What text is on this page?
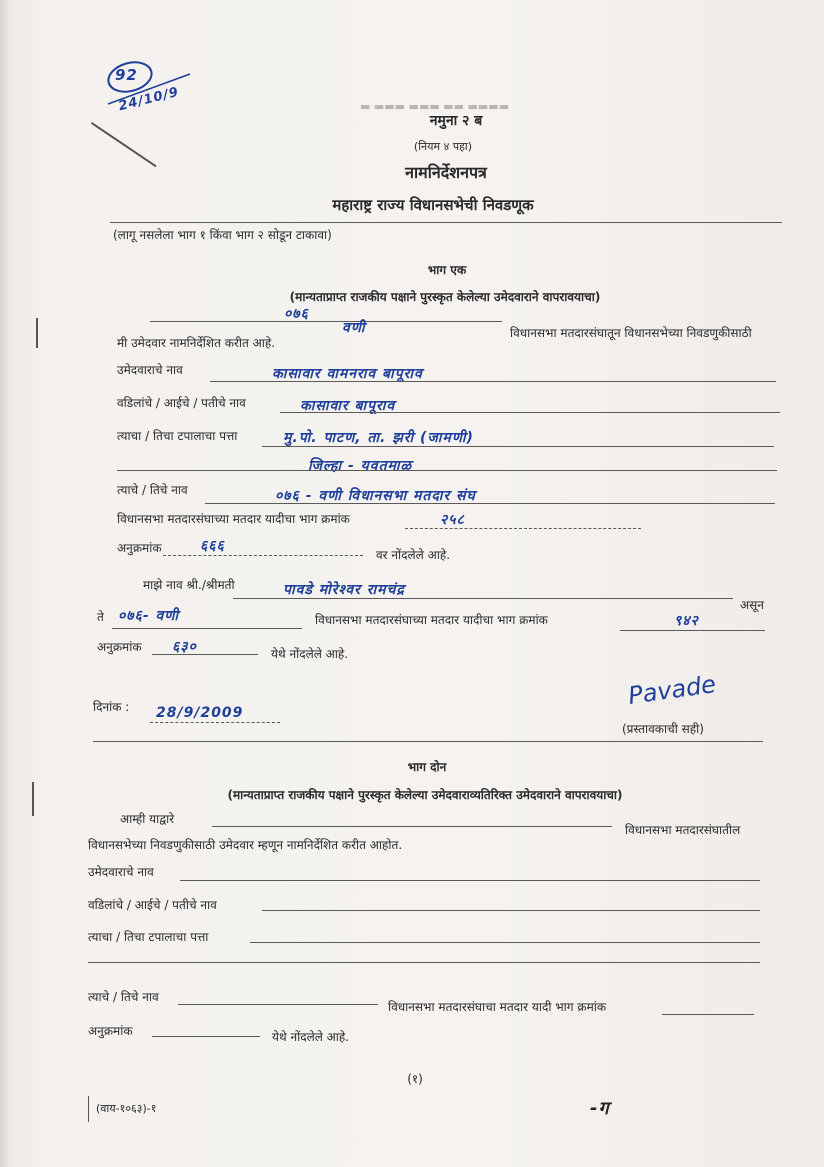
92
24/10/9	▬ ▬▬▬ ▬▬▬ ▬▬ ▬▬▬▬
नमुना २ ब
(नियम ४ पहा)
नामनिर्देशनपत्र
महाराष्ट्र राज्य विधानसभेची निवडणूक
(लागू नसलेला भाग १ किंवा भाग २ सोडून टाकावा)
भाग एक
(मान्यताप्राप्त राजकीय पक्षाने पुरस्कृत केलेल्या उमेदवाराने वापरावयाचा)
०७६
वणी	विधानसभा मतदारसंघातून विधानसभेच्या निवडणुकीसाठी
मी उमेदवार नामनिर्देशित करीत आहे.
उमेदवाराचे नाव	कासावार वामनराव बापूराव
वडिलांचे / आईचे / पतीचे नाव	कासावार बापूराव
त्याचा / तिचा टपालाचा पत्ता	मु.पो. पाटण, ता. झरी (जामणी)
जिल्हा - यवतमाळ
त्याचे / तिचे नाव	०७६ - वणी विधानसभा मतदार संघ
विधानसभा मतदारसंघाच्या मतदार यादीचा भाग क्रमांक	२५८
अनुक्रमांक	६६६
वर नोंदलेले आहे.
माझे नाव श्री./श्रीमती	पावडे मोरेश्वर रामचंद्र
असून
ते ०७६- वणी	विधानसभा मतदारसंघाच्या मतदार यादीचा भाग क्रमांक	९४२
अनुक्रमांक ६३०	येथे नोंदलेले आहे.
दिनांक : 28/9/2009
Pavade
(प्रस्तावकाची सही)
भाग दोन
(मान्यताप्राप्त राजकीय पक्षाने पुरस्कृत केलेल्या उमेदवाराव्यतिरिक्त उमेदवाराने वापरावयाचा)
आम्ही याद्वारे
विधानसभा मतदारसंघातील
विधानसभेच्या निवडणुकीसाठी उमेदवार म्हणून नामनिर्देशित करीत आहोत.
उमेदवाराचे नाव
वडिलांचे / आईचे / पतीचे नाव
त्याचा / तिचा टपालाचा पत्ता
त्याचे / तिचे नाव
विधानसभा मतदारसंघाचा मतदार यादी भाग क्रमांक
अनुक्रमांक	येथे नोंदलेले आहे.
(१)
(वाय-१०६३)-१	-ग
